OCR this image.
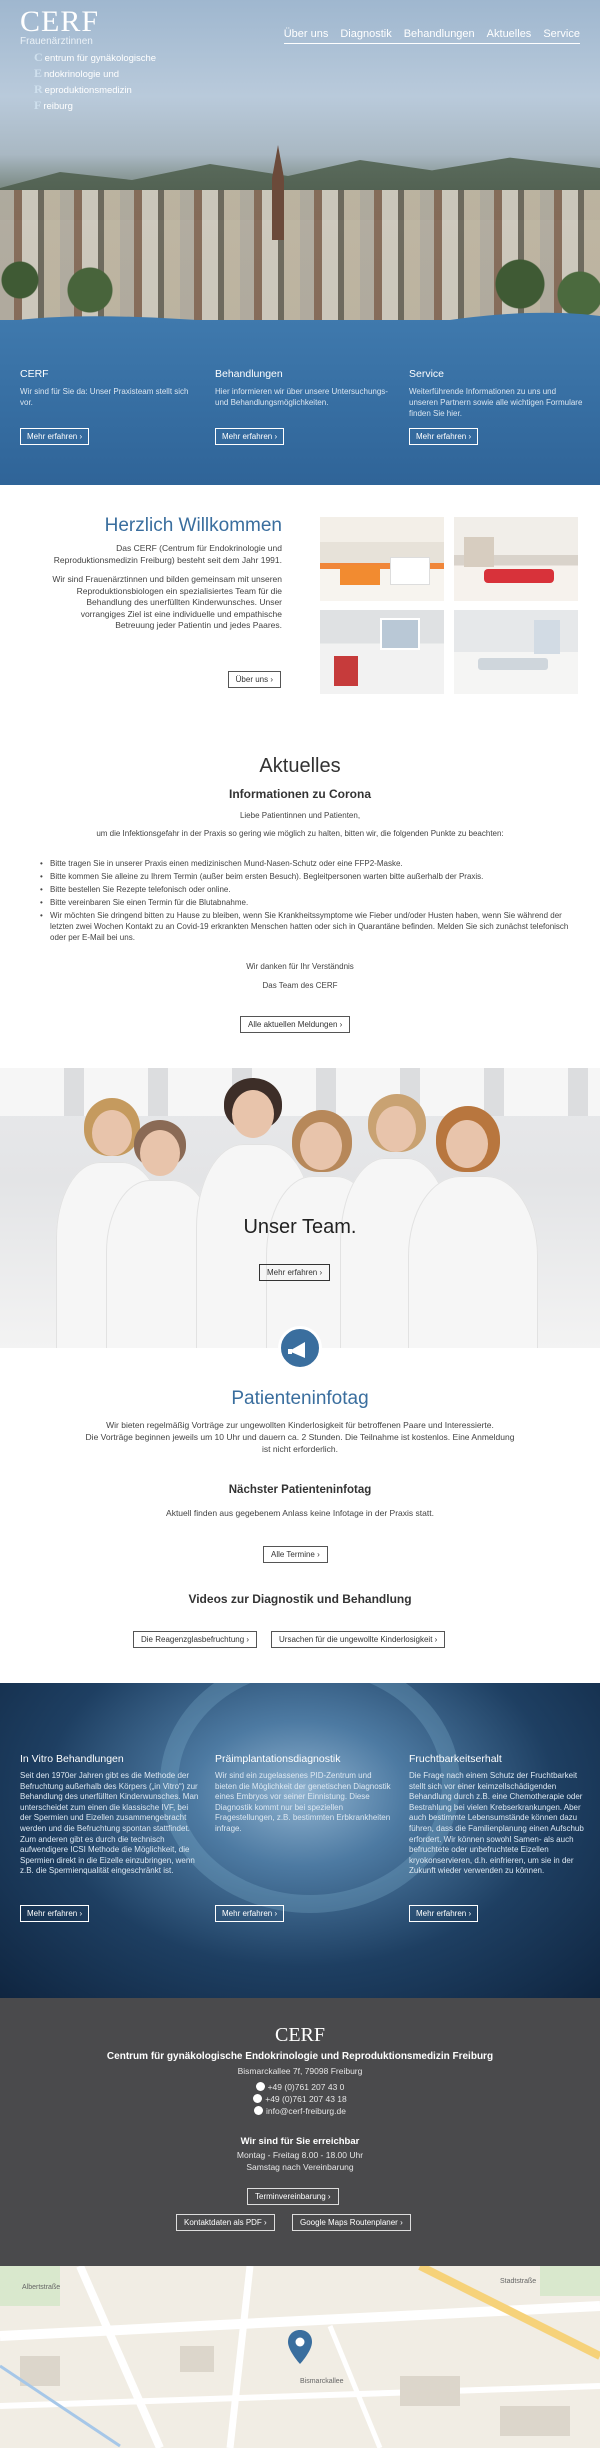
CERF
Frauenärztinnen
C entrum für gynäkologische
E ndokrinologie und
R eproduktionsmedizin
F reiburg
Über uns Diagnostik Behandlungen Aktuelles Service
CERF

Wir sind für Sie da: Unser Praxisteam stellt sich vor.

Mehr erfahren ›
Behandlungen

Hier informieren wir über unsere Untersuchungs- und Behandlungsmöglichkeiten.

Mehr erfahren ›
Service

Weiterführende Informationen zu uns und unseren Partnern sowie alle wichtigen Formulare finden Sie hier.

Mehr erfahren ›
Herzlich Willkommen

Das CERF (Centrum für Endokrinologie und Reproduktionsmedizin Freiburg) besteht seit dem Jahr 1991.

Wir sind Frauenärztinnen und bilden gemeinsam mit unseren Reproduktionsbiologen ein spezialisiertes Team für die Behandlung des unerfüllten Kinderwunsches. Unser vorrangiges Ziel ist eine individuelle und empathische Betreuung jeder Patientin und jedes Paares.

Über uns ›
Aktuelles
Informationen zu Corona
Liebe Patientinnen und Patienten,
um die Infektionsgefahr in der Praxis so gering wie möglich zu halten, bitten wir, die folgenden Punkte zu beachten:
• Bitte tragen Sie in unserer Praxis einen medizinischen Mund-Nasen-Schutz oder eine FFP2-Maske.
• Bitte kommen Sie alleine zu Ihrem Termin (außer beim ersten Besuch). Begleitpersonen warten bitte außerhalb der Praxis.
• Bitte bestellen Sie Rezepte telefonisch oder online.
• Bitte vereinbaren Sie einen Termin für die Blutabnahme.
• Wir möchten Sie dringend bitten zu Hause zu bleiben, wenn Sie Krankheitssymptome wie Fieber und/oder Husten haben, wenn Sie während der letzten zwei Wochen Kontakt zu an Covid-19 erkrankten Menschen hatten oder sich in Quarantäne befinden. Melden Sie sich zunächst telefonisch oder per E-Mail bei uns.
Wir danken für Ihr Verständnis
Das Team des CERF
Alle aktuellen Meldungen ›
Unser Team.
Mehr erfahren ›
Patienteninfotag
Wir bieten regelmäßig Vorträge zur ungewollten Kinderlosigkeit für betroffenen Paare und Interessierte.
Die Vorträge beginnen jeweils um 10 Uhr und dauern ca. 2 Stunden. Die Teilnahme ist kostenlos. Eine Anmeldung
ist nicht erforderlich.
Nächster Patienteninfotag
Aktuell finden aus gegebenem Anlass keine Infotage in der Praxis statt.
Alle Termine ›
Videos zur Diagnostik und Behandlung
Die Reagenzglasbefruchtung ›	Ursachen für die ungewollte Kinderlosigkeit ›
In Vitro Behandlungen

Seit den 1970er Jahren gibt es die Methode der Befruchtung außerhalb des Körpers („in Vitro“) zur Behandlung des unerfüllten Kinderwunsches. Man unterscheidet zum einen die klassische IVF, bei der Spermien und Eizellen zusammengebracht werden und die Befruchtung spontan stattfindet. Zum anderen gibt es durch die technisch aufwendigere ICSI Methode die Möglichkeit, die Spermien direkt in die Eizelle einzubringen, wenn z.B. die Spermienqualität eingeschränkt ist.

Mehr erfahren ›
Präimplantationsdiagnostik

Wir sind ein zugelassenes PID-Zentrum und bieten die Möglichkeit der genetischen Diagnostik eines Embryos vor seiner Einnistung. Diese Diagnostik kommt nur bei speziellen Fragestellungen, z.B. bestimmten Erbkrankheiten infrage.

Mehr erfahren ›
Fruchtbarkeitserhalt

Die Frage nach einem Schutz der Fruchtbarkeit stellt sich vor einer keimzellschädigenden Behandlung durch z.B. eine Chemotherapie oder Bestrahlung bei vielen Krebserkrankungen. Aber auch bestimmte Lebensumstände können dazu führen, dass die Familienplanung einen Aufschub erfordert. Wir können sowohl Samen- als auch befruchtete oder unbefruchtete Eizellen kryokonservieren, d.h. einfrieren, um sie in der Zukunft wieder verwenden zu können.

Mehr erfahren ›
CERF
Centrum für gynäkologische Endokrinologie und Reproduktionsmedizin Freiburg
Bismarckallee 7f, 79098 Freiburg
+49 (0)761 207 43 0
+49 (0)761 207 43 18
info@cerf-freiburg.de
Wir sind für Sie erreichbar
Montag - Freitag 8.00 - 18.00 Uhr
Samstag nach Vereinbarung
Terminvereinbarung ›
Kontaktdaten als PDF ›	Google Maps Routenplaner ›
Albertstraße
Stadtstraße
Bismarckallee
